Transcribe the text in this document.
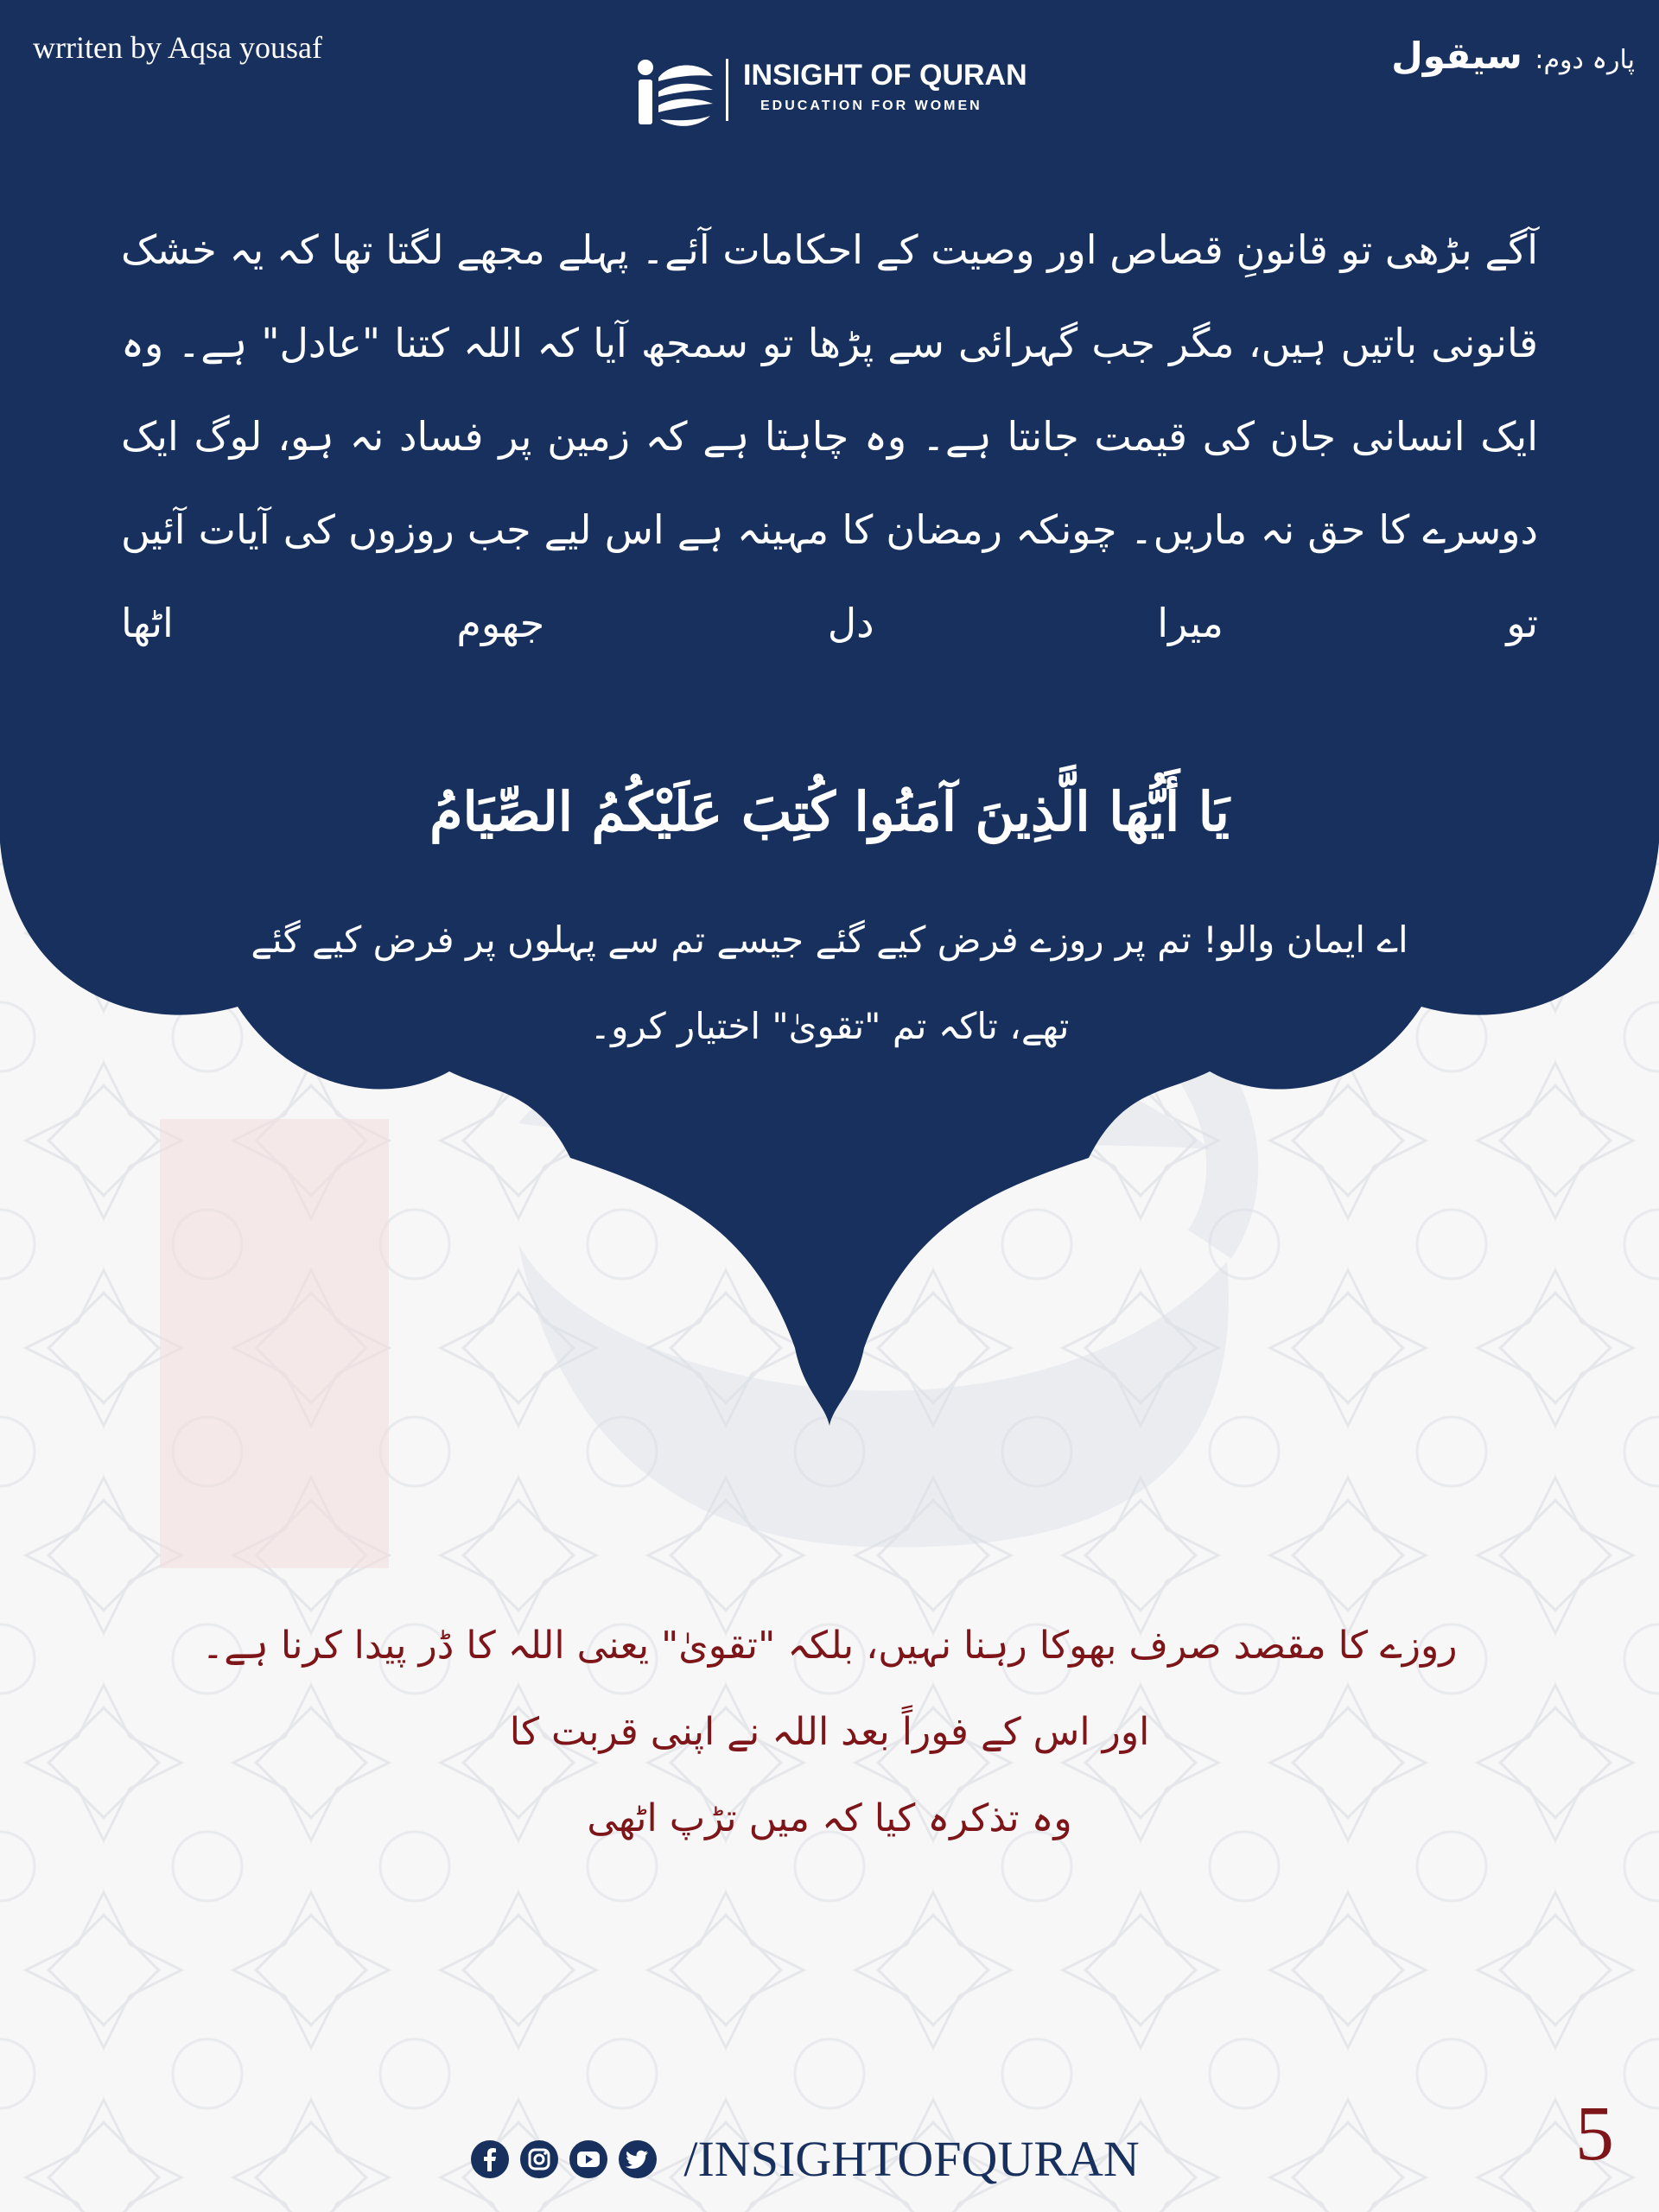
wrriten by Aqsa yousaf	پارہ دوم: سیقول
INSIGHT OF QURAN
EDUCATION FOR WOMEN

آگے بڑھی تو قانونِ قصاص اور وصیت کے احکامات آئے۔ پہلے مجھے لگتا تھا کہ یہ خشک قانونی باتیں ہیں، مگر جب گہرائی سے پڑھا تو سمجھ آیا کہ اللہ کتنا "عادل" ہے۔ وہ ایک انسانی جان کی قیمت جانتا ہے۔ وہ چاہتا ہے کہ زمین پر فساد نہ ہو، لوگ ایک دوسرے کا حق نہ ماریں۔ چونکہ رمضان کا مہینہ ہے اس لیے جب روزوں کی آیات آئیں تو میرا دل جھوم اٹھا

يَا أَيُّهَا الَّذِينَ آمَنُوا كُتِبَ عَلَيْكُمُ الصِّيَامُ
اے ایمان والو! تم پر روزے فرض کیے گئے جیسے تم سے پہلوں پر فرض کیے گئے
تھے، تاکہ تم "تقویٰ" اختیار کرو۔
روزے کا مقصد صرف بھوکا رہنا نہیں، بلکہ "تقویٰ" یعنی اللہ کا ڈر پیدا کرنا ہے۔
اور اس کے فوراً بعد اللہ نے اپنی قربت کا
وہ تذکرہ کیا کہ میں تڑپ اٹھی
5

/INSIGHTOFQURAN
